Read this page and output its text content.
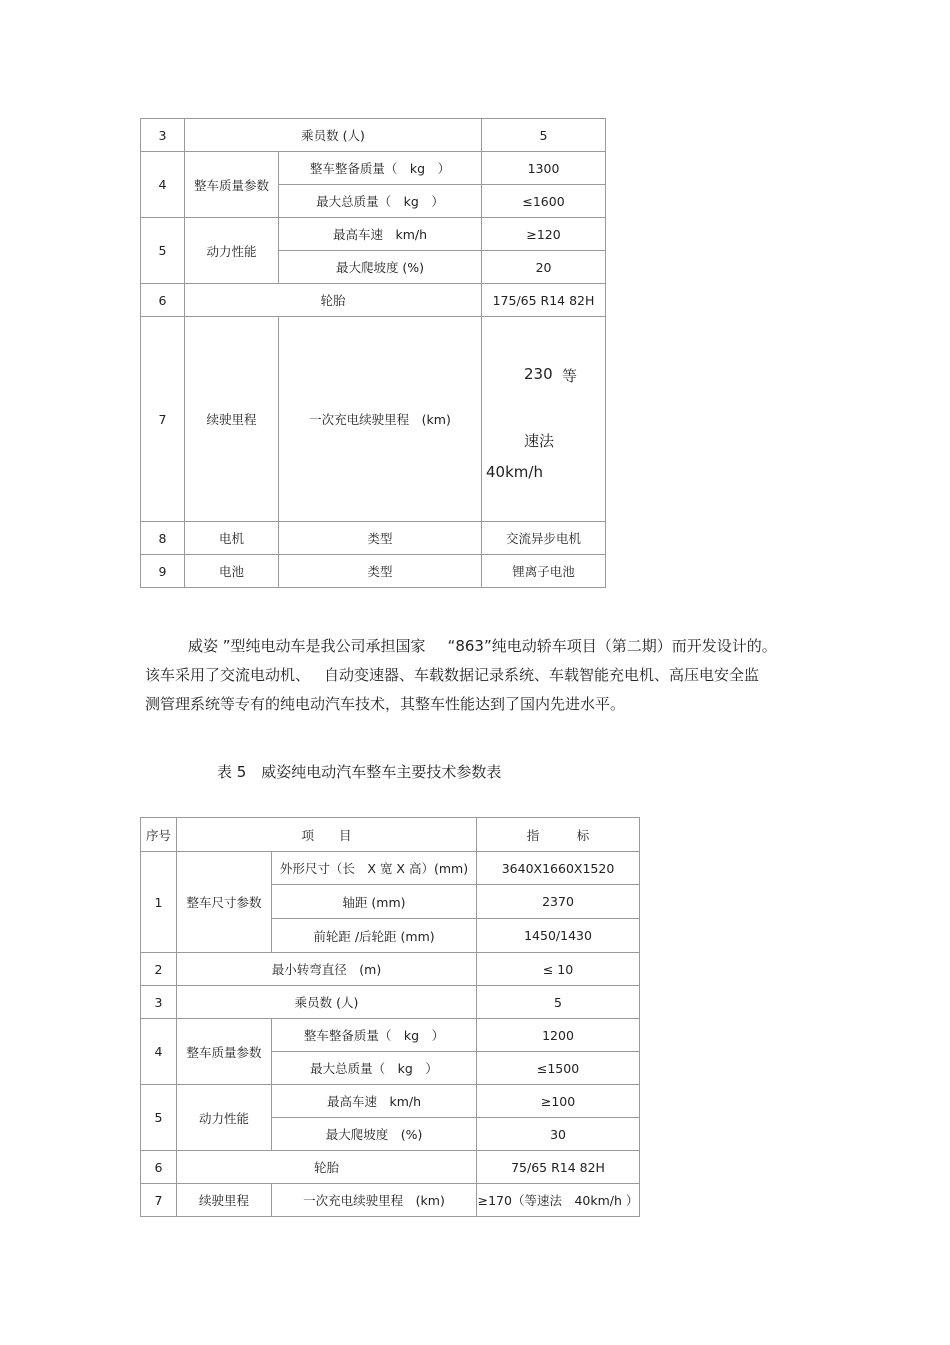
3	乘员数 (人)		5
4	整车质量参数	整车整备质量（　kg　）	1300
		最大总质量（　kg　）	≤1600
5	动力性能	最高车速　km/h	≥120
		最大爬坡度 (%)	20
6	轮胎		175/65 R14 82H
7	续驶里程	一次充电续驶里程　(km)	230 等
速法
40km/h

8	电机	类型	交流异步电机
9	电池	类型	锂离子电池
威姿 ”型纯电动车是我公司承担国家 “863”纯电动轿车项目（第二期）而开发设计的。
该车采用了交流电动机、 自动变速器、车载数据记录系统、车载智能充电机、高压电安全监
测管理系统等专有的纯电动汽车技术，其整车性能达到了国内先进水平。
表 5　威姿纯电动汽车整车主要技术参数表
序号	项　　目		指　　　标
1	整车尺寸参数	外形尺寸（长　X 宽 X 高）(mm)	3640X1660X1520
		轴距 (mm)	2370
		前轮距 /后轮距 (mm)	1450/1430
2	最小转弯直径　(m)		≤ 10
3	乘员数 (人)		5
4	整车质量参数	整车整备质量（　kg　）	1200
		最大总质量（　kg　）	≤1500
5	动力性能	最高车速　km/h	≥100
		最大爬坡度　(%)	30
6	轮胎		75/65 R14 82H
7	续驶里程	一次充电续驶里程　(km)	≥170（等速法　40km/h ）
